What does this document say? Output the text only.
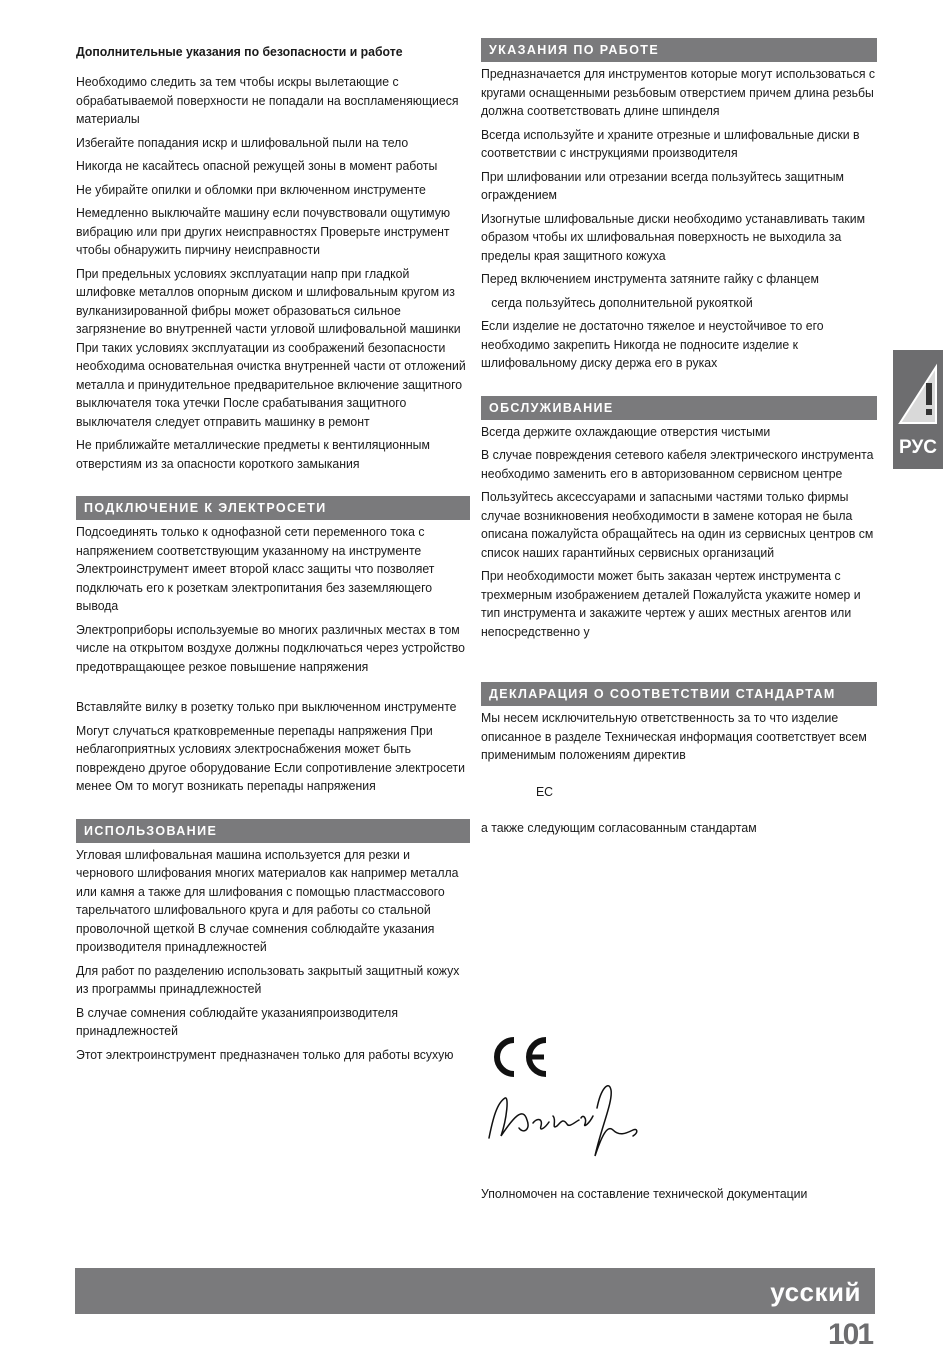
Дополнительные указания по безопасности и работе

Необходимо следить за тем чтобы искры вылетающие с обрабатываемой поверхности не попадали на воспламеняющиеся материалы

Избегайте попадания искр и шлифовальной пыли на тело

Никогда не касайтесь опасной режущей зоны в момент работы

Не убирайте опилки и обломки при включенном инструменте

Немедленно выключайте машину если почувствовали ощутимую вибрацию или при других неисправностях Проверьте инструмент чтобы обнаружить пирчину неисправности

При предельных условиях эксплуатации напр при гладкой шлифовке металлов опорным диском и шлифовальным кругом из вулканизированной фибры может образоваться сильное загрязнение во внутренней части угловой шлифовальной машинки При таких условиях эксплуатации из соображений безопасности необходима основательная очистка внутренней части от отложений металла и принудительное предварительное включение защитного выключателя тока утечки После срабатывания защитного выключателя следует отправить машинку в ремонт

Не приближайте металлические предметы к вентиляционным отверстиям из за опасности короткого замыкания

ПОДКЛЮЧЕНИЕ К ЭЛЕКТРОСЕТИ

Подсоединять только к однофазной сети переменного тока с напряжением соответствующим указанному на инструменте Электроинструмент имеет второй класс защиты что позволяет подключать его к розеткам электропитания без заземляющего вывода

Электроприборы используемые во многих различных местах в том числе на открытом воздухе должны подключаться через устройство предотвращающее резкое повышение напряжения

Вставляйте вилку в розетку только при выключенном инструменте

Могут случаться кратковременные перепады напряжения При неблагоприятных условиях электроснабжения может быть повреждено другое оборудование Если сопротивление электросети менее Ом то могут возникать перепады напряжения

ИСПОЛЬЗОВАНИЕ

Угловая шлифовальная машина используется для резки и чернового шлифования многих материалов как например металла или камня а также для шлифования с помощью пластмассового тарельчатого шлифовального круга и для работы со стальной проволочной щеткой В случае сомнения соблюдайте указания производителя принадлежностей

Для работ по разделению использовать закрытый защитный кожух из программы принадлежностей

В случае сомнения соблюдайте указанияпроизводителя принадлежностей

Этот электроинструмент предназначен только для работы всухую

УКАЗАНИЯ ПО РАБОТЕ

Предназначается для инструментов которые могут использоваться с кругами оснащенными резьбовым отверстием причем длина резьбы должна соответствовать длине шпинделя

Всегда используйте и храните отрезные и шлифовальные диски в соответствии с инструкциями производителя

При шлифовании или отрезании всегда пользуйтесь защитным ограждением

Изогнутые шлифовальные диски необходимо устанавливать таким образом чтобы их шлифовальная поверхность не выходила за пределы края защитного кожуха

Перед включением инструмента затяните гайку с фланцем

сегда пользуйтесь дополнительной рукояткой

Если изделие не достаточно тяжелое и неустойчивое то его необходимо закрепить Никогда не подносите изделие к шлифовальному диску держа его в руках

ОБСЛУЖИВАНИЕ

Всегда держите охлаждающие отверстия чистыми

В случае повреждения сетевого кабеля электрического инструмента необходимо заменить его в авторизованном сервисном центре

Пользуйтесь аксессуарами и запасными частями только фирмы случае возникновения необходимости в замене которая не была описана пожалуйста обращайтесь на один из сервисных центров см список наших гарантийных сервисных организаций

При необходимости может быть заказан чертеж инструмента с трехмерным изображением деталей Пожалуйста укажите номер и тип инструмента и закажите чертеж у аших местных агентов или непосредственно у

ДЕКЛАРАЦИЯ О СООТВЕТСТВИИ СТАНДАРТАМ

Мы несем исключительную ответственность за то что изделие описанное в разделе Техническая информация соответствует всем применимым положениям директив

EC

а также следующим согласованным стандартам

Уполномочен на составление технической документации

РУС
усский
101
